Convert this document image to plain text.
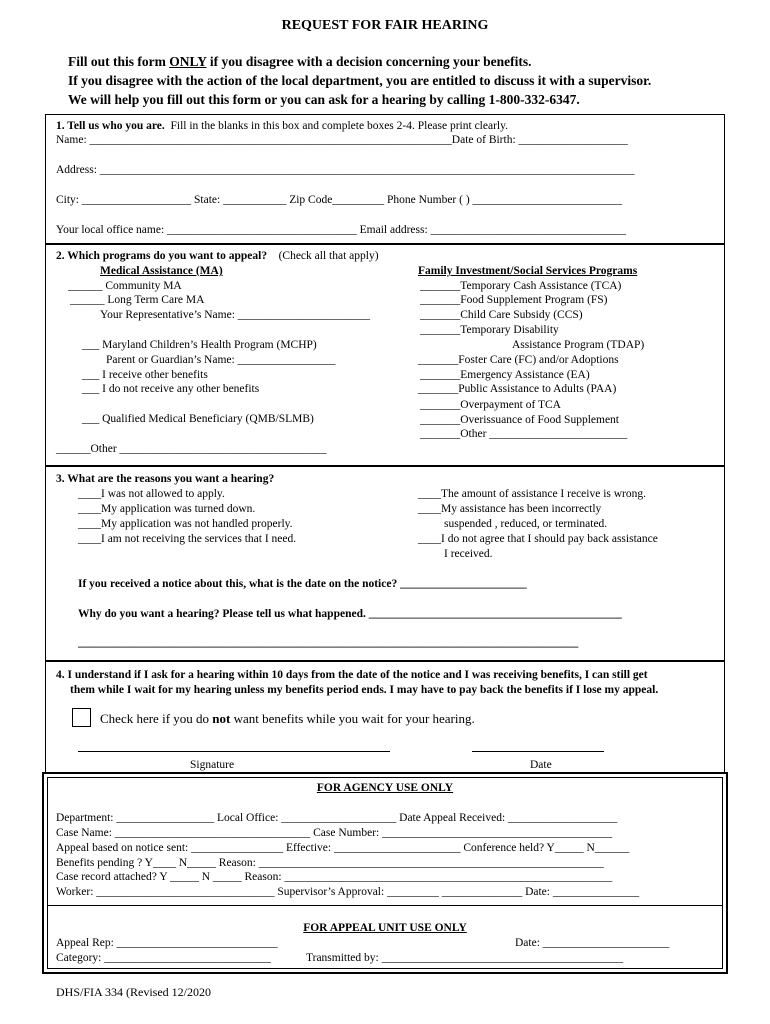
REQUEST FOR FAIR HEARING
Fill out this form ONLY if you disagree with a decision concerning your benefits.
If you disagree with the action of the local department, you are entitled to discuss it with a supervisor.
We will help you fill out this form or you can ask for a hearing by calling 1-800-332-6347.
1. Tell us who you are. Fill in the blanks in this box and complete boxes 2-4. Please print clearly.
Name: _______________________________________________________________Date of Birth: ___________________
Address: _____________________________________________________________________________________________
City: ___________________ State: ___________ Zip Code_________ Phone Number ( ) __________________________
Your local office name: _________________________________ Email address: __________________________________
2. Which programs do you want to appeal? (Check all that apply)
Medical Assistance (MA)
______ Community MA
______ Long Term Care MA
Your Representative’s Name: _______________________
___ Maryland Children’s Health Program (MCHP)
Parent or Guardian’s Name: _________________
___ I receive other benefits
___ I do not receive any other benefits
___ Qualified Medical Beneficiary (QMB/SLMB)
______Other ____________________________________
Family Investment/Social Services Programs
_______Temporary Cash Assistance (TCA)
_______Food Supplement Program (FS)
_______Child Care Subsidy (CCS)
_______Temporary Disability
Assistance Program (TDAP)
_______Foster Care (FC) and/or Adoptions
_______Emergency Assistance (EA)
_______Public Assistance to Adults (PAA)
_______Overpayment of TCA
_______Overissuance of Food Supplement
_______Other ________________________
3. What are the reasons you want a hearing?
____I was not allowed to apply.
____My application was turned down.
____My application was not handled properly.
____I am not receiving the services that I need.
____The amount of assistance I receive is wrong.
____My assistance has been incorrectly
suspended , reduced, or terminated.
____I do not agree that I should pay back assistance
I received.
If you received a notice about this, what is the date on the notice? ______________________
Why do you want a hearing? Please tell us what happened. ____________________________________________
_______________________________________________________________________________________
4. I understand if I ask for a hearing within 10 days from the date of the notice and I was receiving benefits, I can still get
them while I wait for my hearing unless my benefits period ends. I may have to pay back the benefits if I lose my appeal.
Check here if you do not want benefits while you wait for your hearing.
Signature	Date
FOR AGENCY USE ONLY
Department: _________________ Local Office: ____________________ Date Appeal Received: ___________________
Case Name: __________________________________ Case Number: ________________________________________
Appeal based on notice sent: ________________ Effective: ______________________ Conference held? Y_____ N______
Benefits pending ? Y____ N_____ Reason: ____________________________________________________________
Case record attached? Y _____ N _____ Reason: _________________________________________________________
Worker: _______________________________ Supervisor’s Approval: _________ ______________ Date: _______________
FOR APPEAL UNIT USE ONLY
Appeal Rep: ____________________________	Date: ______________________
Category: _____________________________	Transmitted by: __________________________________________
DHS/FIA 334 (Revised 12/2020
